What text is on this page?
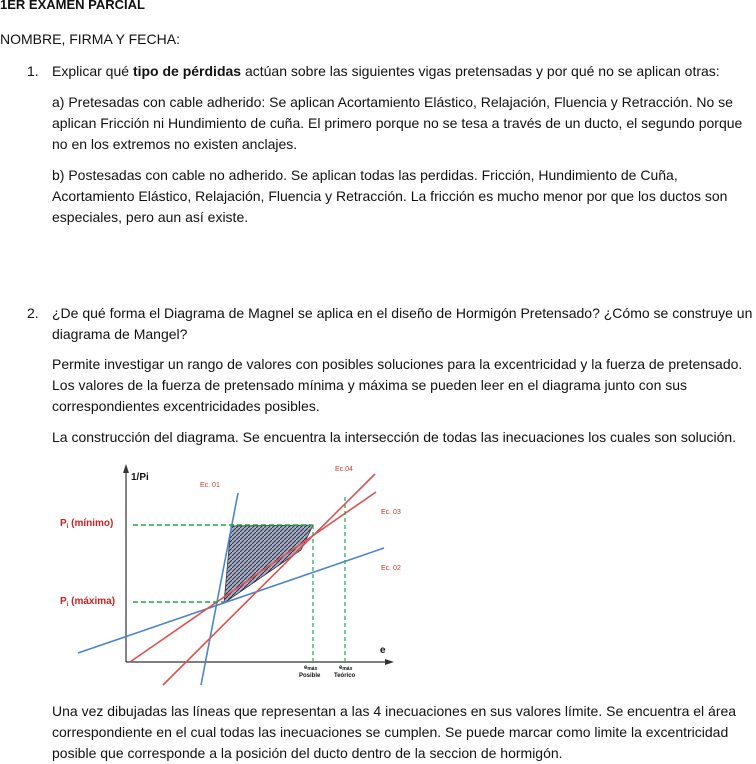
1ER EXAMEN PARCIAL
NOMBRE, FIRMA Y FECHA:
1. Explicar qué tipo de pérdidas actúan sobre las siguientes vigas pretensadas y por qué no se aplican otras:
a) Pretesadas con cable adherido: Se aplican Acortamiento Elástico, Relajación, Fluencia y Retracción. No se
aplican Fricción ni Hundimiento de cuña. El primero porque no se tesa a través de un ducto, el segundo porque
no en los extremos no existen anclajes.
b) Postesadas con cable no adherido. Se aplican todas las perdidas. Fricción, Hundimiento de Cuña,
Acortamiento Elástico, Relajación, Fluencia y Retracción. La fricción es mucho menor por que los ductos son
especiales, pero aun así existe.
2. ¿De qué forma el Diagrama de Magnel se aplica en el diseño de Hormigón Pretensado? ¿Cómo se construye un
diagrama de Mangel?
Permite investigar un rango de valores con posibles soluciones para la excentricidad y la fuerza de pretensado.
Los valores de la fuerza de pretensado mínima y máxima se pueden leer en el diagrama junto con sus
correspondientes excentricidades posibles.
La construcción del diagrama. Se encuentra la intersección de todas las inecuaciones los cuales son solución.
1/Pi
e
$P_i$ (mínimo)
$P_i$ (máxima)
Ec. 01
Ec. 02
Ec. 03
Ec.04
emáx
Posible
emáx
Teórico
Una vez dibujadas las líneas que representan a las 4 inecuaciones en sus valores límite. Se encuentra el área
correspondiente en el cual todas las inecuaciones se cumplen. Se puede marcar como limite la excentricidad
posible que corresponde a la posición del ducto dentro de la seccion de hormigón.
